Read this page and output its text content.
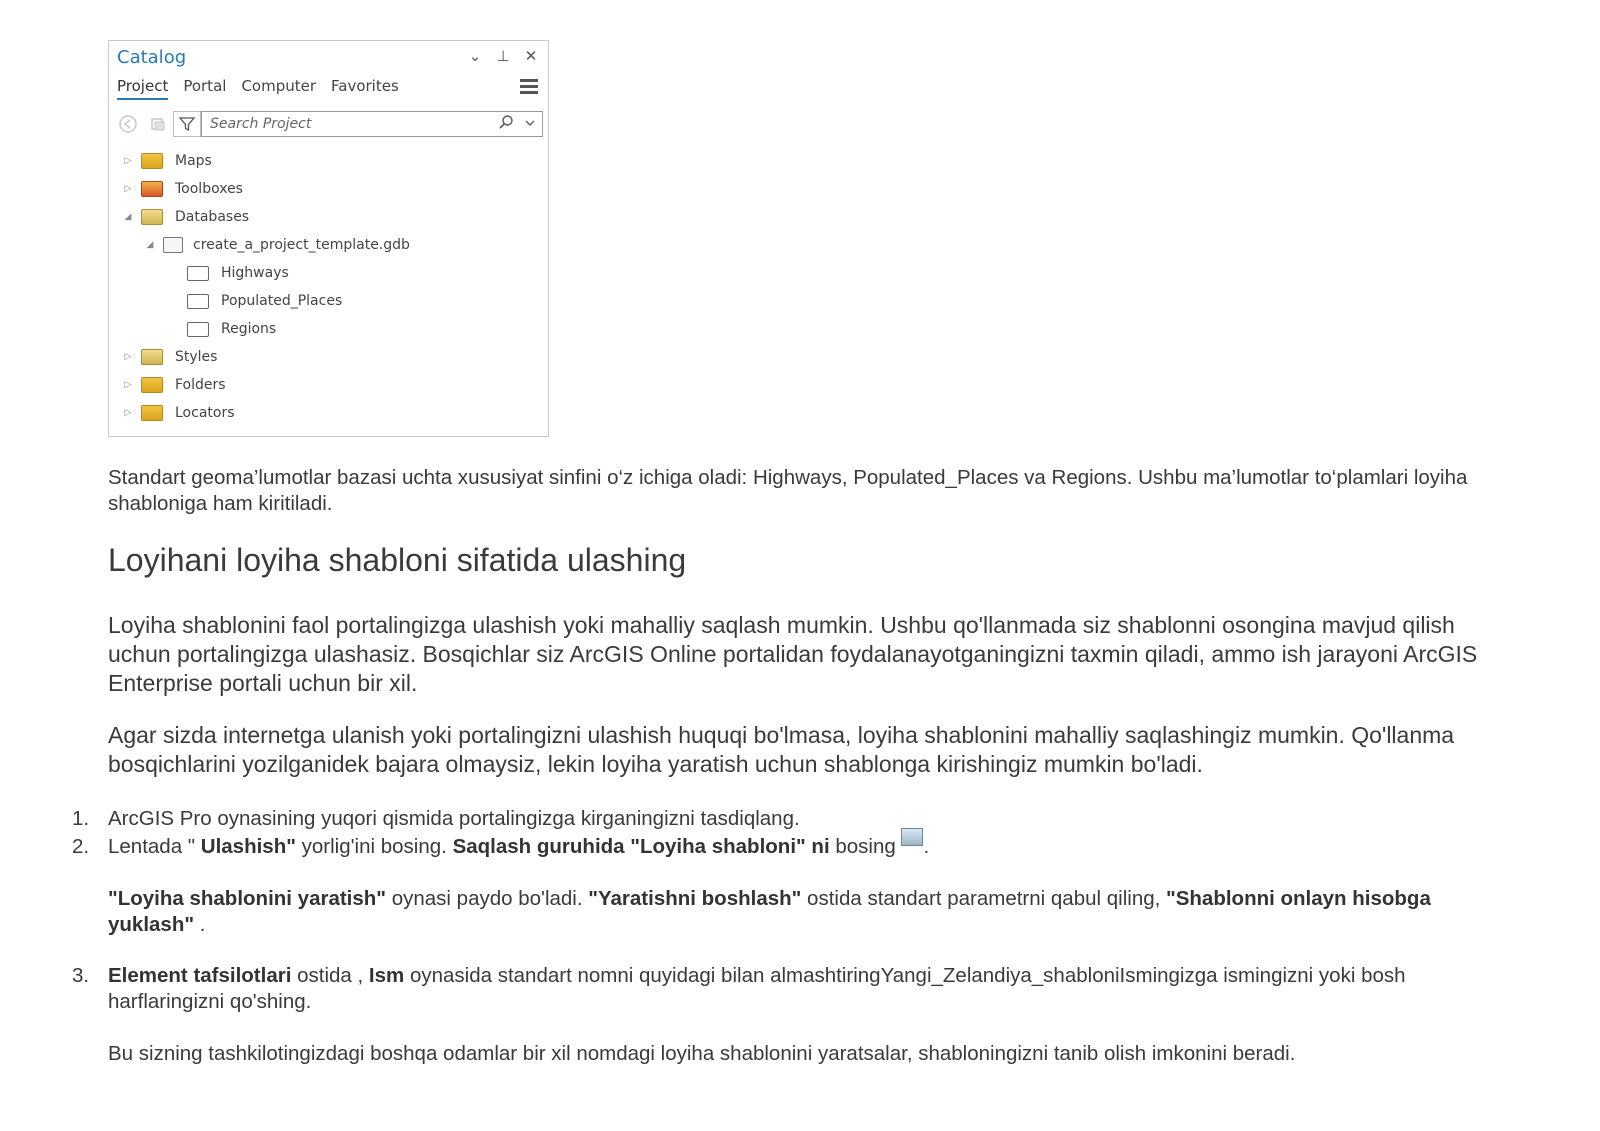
Catalog	⌄ ⊥ ✕
Project Portal Computer Favorites
Search Project
▷	Maps
▷	Toolboxes
◢	Databases
◢	create_a_project_template.gdb
Highways
Populated_Places
Regions
▷	Styles
▷	Folders
▷	Locators

Standart geoma’lumotlar bazasi uchta xususiyat sinfini o‘z ichiga oladi: Highways, Populated_Places va Regions. Ushbu ma’lumotlar to‘plamlari loyiha shabloniga ham kiritiladi.

Loyihani loyiha shabloni sifatida ulashing

Loyiha shablonini faol portalingizga ulashish yoki mahalliy saqlash mumkin. Ushbu qo'llanmada siz shablonni osongina mavjud qilish uchun portalingizga ulashasiz. Bosqichlar siz ArcGIS Online portalidan foydalanayotganingizni taxmin qiladi, ammo ish jarayoni ArcGIS Enterprise portali uchun bir xil.

Agar sizda internetga ulanish yoki portalingizni ulashish huquqi bo'lmasa, loyiha shablonini mahalliy saqlashingiz mumkin. Qo'llanma bosqichlarini yozilganidek bajara olmaysiz, lekin loyiha yaratish uchun shablonga kirishingiz mumkin bo'ladi.

1. ArcGIS Pro oynasining yuqori qismida portalingizga kirganingizni tasdiqlang.

2. Lentada " Ulashish" yorlig'ini bosing. Saqlash guruhida "Loyiha shabloni" ni bosing .

"Loyiha shablonini yaratish" oynasi paydo bo'ladi. "Yaratishni boshlash" ostida standart parametrni qabul qiling, "Shablonni onlayn hisobga yuklash" .

3. Element tafsilotlari ostida , Ism oynasida standart nomni quyidagi bilan almashtiringYangi_Zelandiya_shabloniIsmingizga ismingizni yoki bosh harflaringizni qo'shing.

Bu sizning tashkilotingizdagi boshqa odamlar bir xil nomdagi loyiha shablonini yaratsalar, shabloningizni tanib olish imkonini beradi.
